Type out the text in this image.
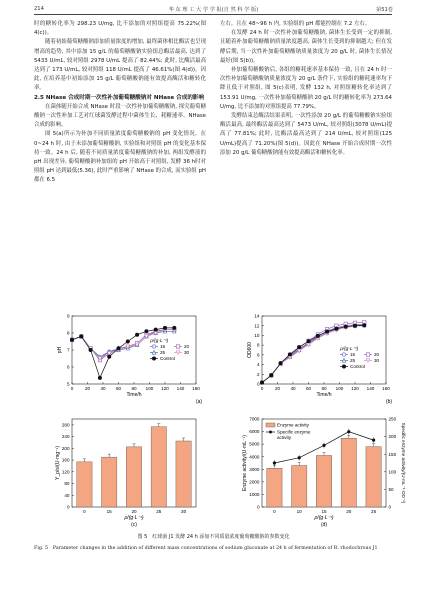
214	华 东 理 工 大 学 学 报(自 然 科 学 版)	第51卷

时的糖转化率为 298.23 U/mg, 比不添加的对照组提高 75.22%(图 4(c))。

随着初始葡萄糖酸钠添加质量浓度的增加, 最终菌体相比酶活也呈现增高的趋势, 其中添加 15 g/L 的葡萄糖酸钠实验组总酶活最高, 达到了 5433 U/mL, 较对照组 2978 U/mL 提高了 82.44%; 此时, 比酶活最高达到了 173 U/mL, 较对照组 118 U/mL 提高了 46.61%(图 4(d))。因此, 在培养基中初始添加 15 g/L 葡萄糖酸钠能有效提高酶活和糖转化率。

2.5 NHase 合成时期一次性补加葡萄糖酸钠对 NHase 合成的影响

在菌体随开始合成 NHase 时段一次性补加葡萄糖酸钠, 探究葡萄糖酸钠一次性补加工艺对红球菌发酵过程中菌体生长、耗糖速率、NHase 合成的影响。

图 5(a)所示为补加不同质量浓度葡萄糖酸钠的 pH 变化情况。在 0~24 h 时, 由于未添加葡萄糖酸钠, 实验组和对照组 pH 的变化基本保持一致。24 h 后, 随着不同质量浓度葡萄糖酸钠的补加, 两组发酵液的 pH 出现差异, 葡萄糖酸钠补加组的 pH 开始高于对照组, 发酵 36 h时对照组 pH 达到最低(5.36), 此时严重影响了 NHase 的合成, 而实验组 pH 都在 6.5

左右。且在 48~96 h 内, 实验组的 pH 都能控制在 7.2 左右。

在发酵 24 h 时一次性补加葡萄糖酸钠, 菌体生长受到一定的抑制, 且随着补加葡萄糖酸钠质量浓度越高, 菌体生长受到的抑制越大; 但在发酵后期, 当一次性补加葡萄糖酸钠质量浓度为 20 g/L 时, 菌体生长情况最好(图 5(b))。

补加葡萄糖酸钠后, 各组的糖耗速率基本保持一致, 且在 24 h 时一次性补加葡萄糖酸钠质量浓度为 20 g/L 条件下, 实验组的糖耗速率均下降且低于对照组, 图 5(c)表明, 发酵 132 h, 对照组糖转化率达到了 153.91 U/mg, 一次性补加葡萄糖酸钠 20 g/L 时的糖转化率为 273.64 U/mg, 比不添加的对照组提高 77.79%。

发酵结束总酶活结果表明, 一次性添加 20 g/L 的葡萄糖酸钠实验组酶活最高, 最终酶活最高达到了 5473 U/mL, 较对照组(3078 U/mL)提高了 77.81%; 此时, 比酶活最高达到了 214 U/mL, 较对照组(125 U/mL)提高了 71.20%(图 5(d))。因此在 NHase 开始合成时期一次性添加 20 g/L 葡萄糖酸钠能有效提高酶活和糖转化率。

0	20 40 60 80 100 120 140 160
5
6
7
8
9
Time/h
pH
(a)
ρ/(g·L⁻¹)
15	20
25	30
Control
0	20 40 60 80 100 120 140 160
0
2
4
6
8
10
12
14
Time/h
OD600
(b)
ρ/(g·L⁻¹)
15	20
25	30
Control
0
40
80
120
160
200
240
280
0	15	20	25	30
ρ/(g·L⁻¹)
Y_p/s/(U·mg⁻¹)
(c)
0
1000
2000
3000
4000
5000
6000
7000
0	10	15	20	25
ρ/(g·L⁻¹)
Enzyme activity/(U·mL⁻¹)
(d)
0
50
100
150
200
250
Specific enzyme activity/(U·mL⁻¹·OD⁻¹)
Enzyme activity
Specific enzyme
activity
图 5　红球菌 J1 发酵 24 h 添加不同质量浓度葡萄糖酸钠的参数变化
Fig. 5　Parameter changes in the addition of different mass concentrations of sodium gluconate at 24 h of fermentation of R. rhodochrous J1
